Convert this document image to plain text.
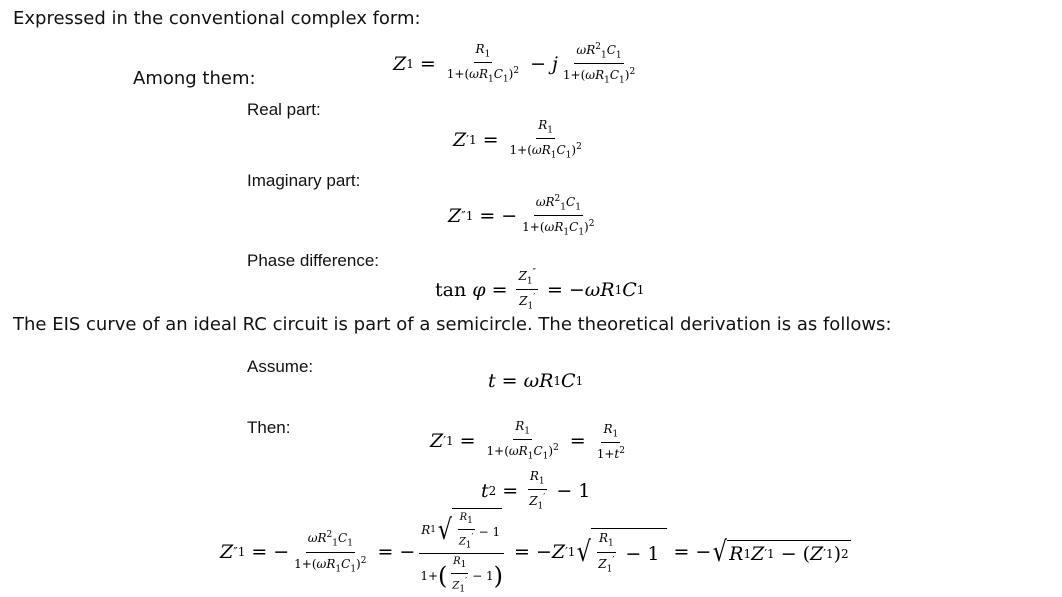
Expressed in the conventional complex form:
Z $1 = \frac{R_1}{1+(\omega R_1C_1)^2} - j \frac{\omega R^2_1C_1}{1+(\omega R_1C_1)^2}$
Among them:
Real part:
Z ′ $1 = \frac{R_1}{1+(\omega R_1C_1)^2}$
Imaginary part:
Z ″ 1 = − $\frac{\omega R^2_1C_1}{1+(\omega R_1C_1)^2}$
Phase difference:
tan
$\varphi = \frac{Z_1''}{Z_1'}$ = − ω R 1 C 1
The EIS curve of an ideal RC circuit is part of a semicircle. The theoretical derivation is as follows:
Assume:
t = ω R 1 C 1
Then:
Z ′ $1 = \frac{R_1}{1+(\omega R_1C_1)^2} = \frac{R_1}{1+t^2}$
t $2 = \frac{R_1}{Z_1'} - 1$
Z ″ 1 = − $\frac{\omega R^2_1C_1}{1+(\omega R_1C_1)^2}$ = −
R 1 √ $\frac{R_1}{Z_1'} - 1$
1 + ( $\frac{R_1}{Z_1'} - 1$ )
= − Z ′ 1 √ $\frac{R_1}{Z_1'} - 1$ = − √ R 1 Z ′ 1 − ( Z ′ 1 ) 2
